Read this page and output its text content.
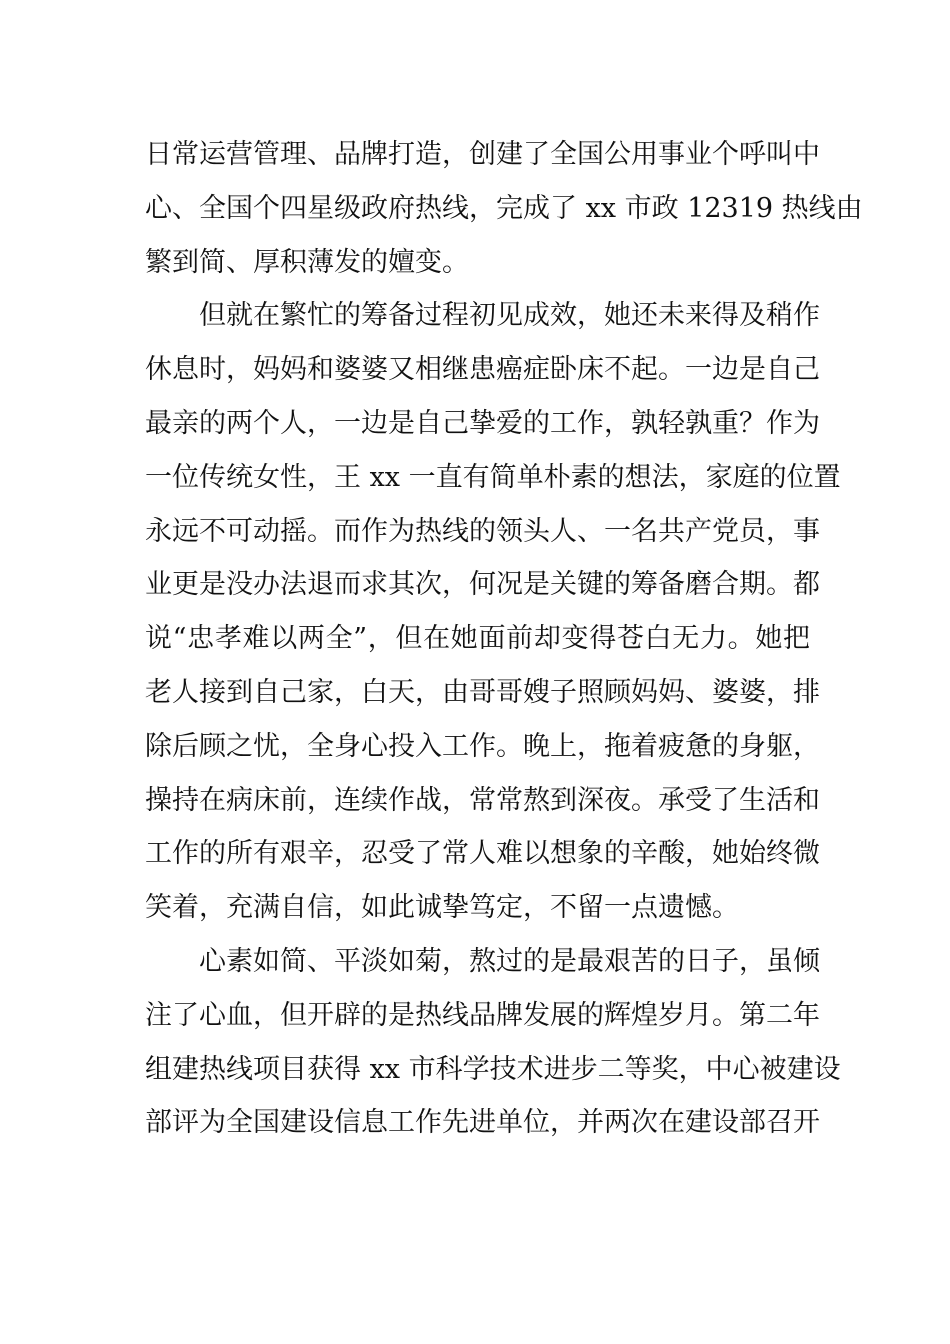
日常运营管理、品牌打造，创建了全国公用事业个呼叫中
心、全国个四星级政府热线，完成了 xx 市政 12319 热线由
繁到简、厚积薄发的嬗变。
但就在繁忙的筹备过程初见成效，她还未来得及稍作
休息时，妈妈和婆婆又相继患癌症卧床不起。一边是自己
最亲的两个人，一边是自己挚爱的工作，孰轻孰重？作为
一位传统女性，王 xx 一直有简单朴素的想法，家庭的位置
永远不可动摇。而作为热线的领头人、一名共产党员，事
业更是没办法退而求其次，何况是关键的筹备磨合期。都
说“忠孝难以两全”，但在她面前却变得苍白无力。她把
老人接到自己家，白天，由哥哥嫂子照顾妈妈、婆婆，排
除后顾之忧，全身心投入工作。晚上，拖着疲惫的身躯，
操持在病床前，连续作战，常常熬到深夜。承受了生活和
工作的所有艰辛，忍受了常人难以想象的辛酸，她始终微
笑着，充满自信，如此诚挚笃定，不留一点遗憾。
心素如简、平淡如菊，熬过的是最艰苦的日子，虽倾
注了心血，但开辟的是热线品牌发展的辉煌岁月。第二年
组建热线项目获得 xx 市科学技术进步二等奖，中心被建设
部评为全国建设信息工作先进单位，并两次在建设部召开
